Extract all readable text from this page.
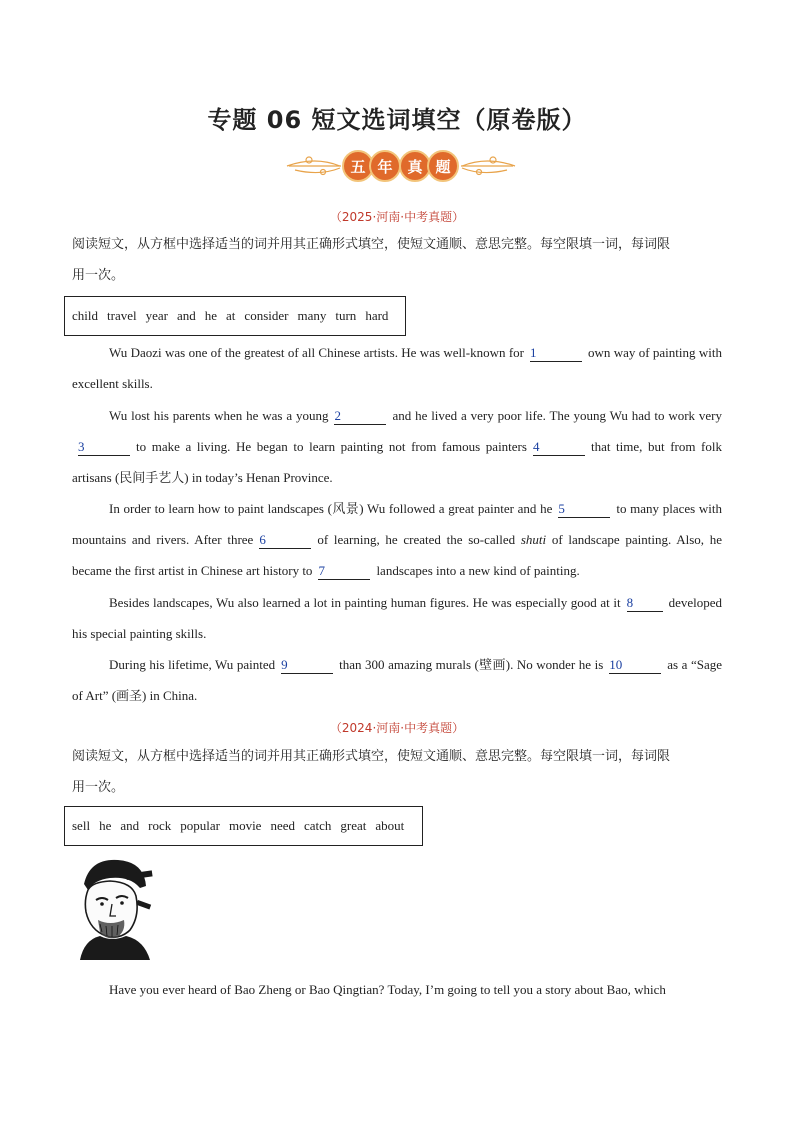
专题 06 短文选词填空（原卷版）
五 年 真 题
（2025·河南·中考真题）
阅读短文，从方框中选择适当的词并用其正确形式填空，使短文通顺、意思完整。每空限填一词，每词限
用一次。
child travel year and he at consider many turn hard
Wu Daozi was one of the greatest of all Chinese artists. He was well-known for 1	own way of painting with excellent skills.
Wu lost his parents when he was a young 2	and he lived a very poor life. The young Wu had to work very3	to make a living. He began to learn painting not from famous painters 4	that time, but from folk artisans (民间手艺人) in today’s Henan Province.
In order to learn how to paint landscapes (风景) Wu followed a great painter and he 5	to many places with mountains and rivers. After three 6	of learning, he created the so-called shuti of landscape painting. Also, he became the first artist in Chinese art history to 7	landscapes into a new kind of painting.
Besides landscapes, Wu also learned a lot in painting human figures. He was especially good at it 8	developed his special painting skills.
During his lifetime, Wu painted 9	than 300 amazing murals (壁画). No wonder he is 10	as a “Sage of Art” (画圣) in China.
（2024·河南·中考真题）
阅读短文，从方框中选择适当的词并用其正确形式填空，使短文通顺、意思完整。每空限填一词，每词限
用一次。
sell he and rock popular movie need catch great about
Have you ever heard of Bao Zheng or Bao Qingtian? Today, I’m going to tell you a story about Bao, which
